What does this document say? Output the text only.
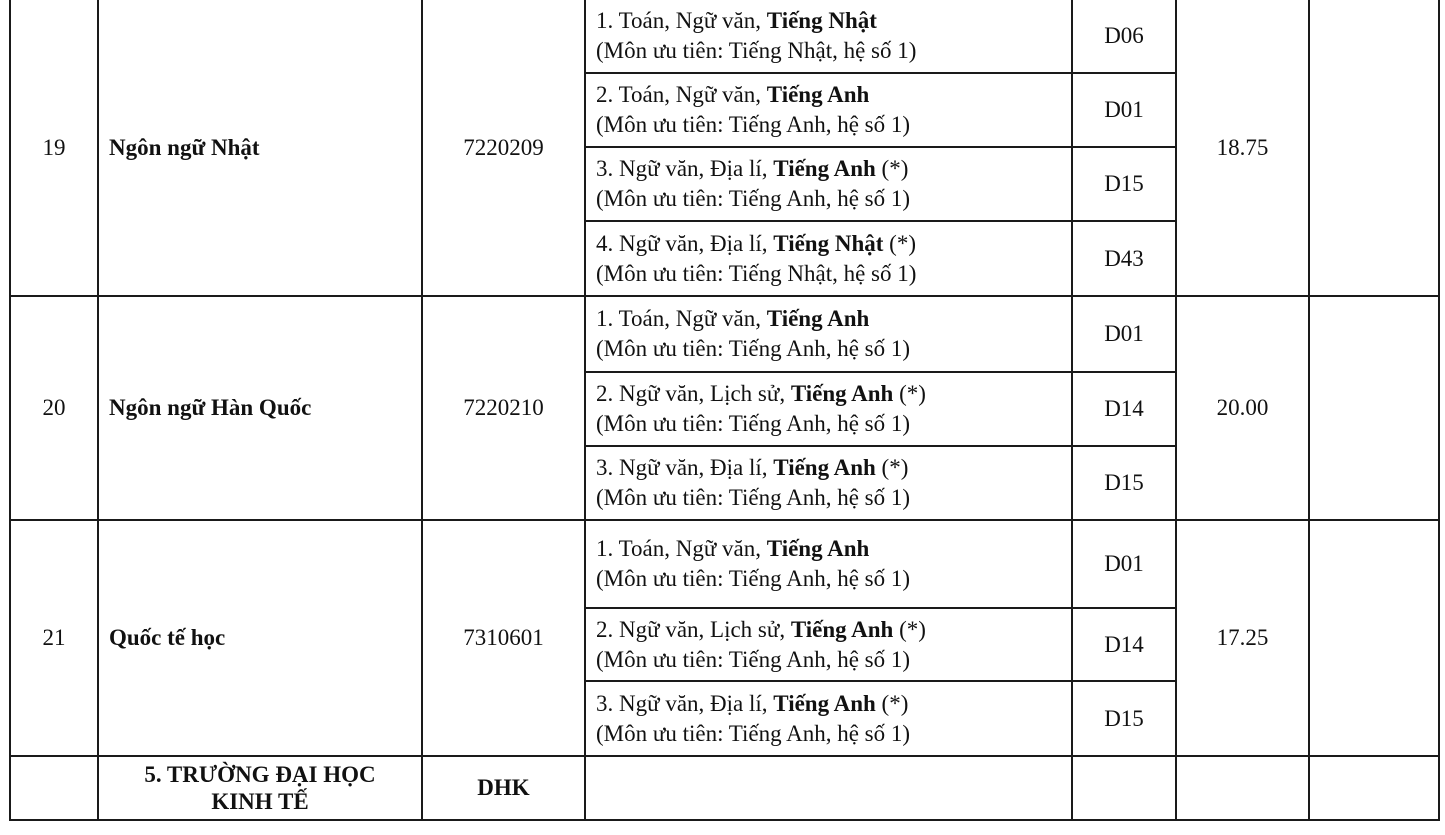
19	Ngôn ngữ Nhật	7220209	1. Toán, Ngữ văn, Tiếng Nhật
(Môn ưu tiên: Tiếng Nhật, hệ số 1)	D06	18.75	

			2. Toán, Ngữ văn, Tiếng Anh
(Môn ưu tiên: Tiếng Anh, hệ số 1)	D01		

			3. Ngữ văn, Địa lí, Tiếng Anh (*)
(Môn ưu tiên: Tiếng Anh, hệ số 1)	D15		

			4. Ngữ văn, Địa lí, Tiếng Nhật (*)
(Môn ưu tiên: Tiếng Nhật, hệ số 1)	D43		
20	Ngôn ngữ Hàn Quốc	7220210	1. Toán, Ngữ văn, Tiếng Anh
(Môn ưu tiên: Tiếng Anh, hệ số 1)	D01	20.00	

			2. Ngữ văn, Lịch sử, Tiếng Anh (*)
(Môn ưu tiên: Tiếng Anh, hệ số 1)	D14		

			3. Ngữ văn, Địa lí, Tiếng Anh (*)
(Môn ưu tiên: Tiếng Anh, hệ số 1)	D15		
21	Quốc tế học	7310601	1. Toán, Ngữ văn, Tiếng Anh
(Môn ưu tiên: Tiếng Anh, hệ số 1)	D01	17.25	

			2. Ngữ văn, Lịch sử, Tiếng Anh (*)
(Môn ưu tiên: Tiếng Anh, hệ số 1)	D14		

			3. Ngữ văn, Địa lí, Tiếng Anh (*)
(Môn ưu tiên: Tiếng Anh, hệ số 1)	D15		

	5. TRƯỜNG ĐẠI HỌC
KINH TẾ	DHK				
